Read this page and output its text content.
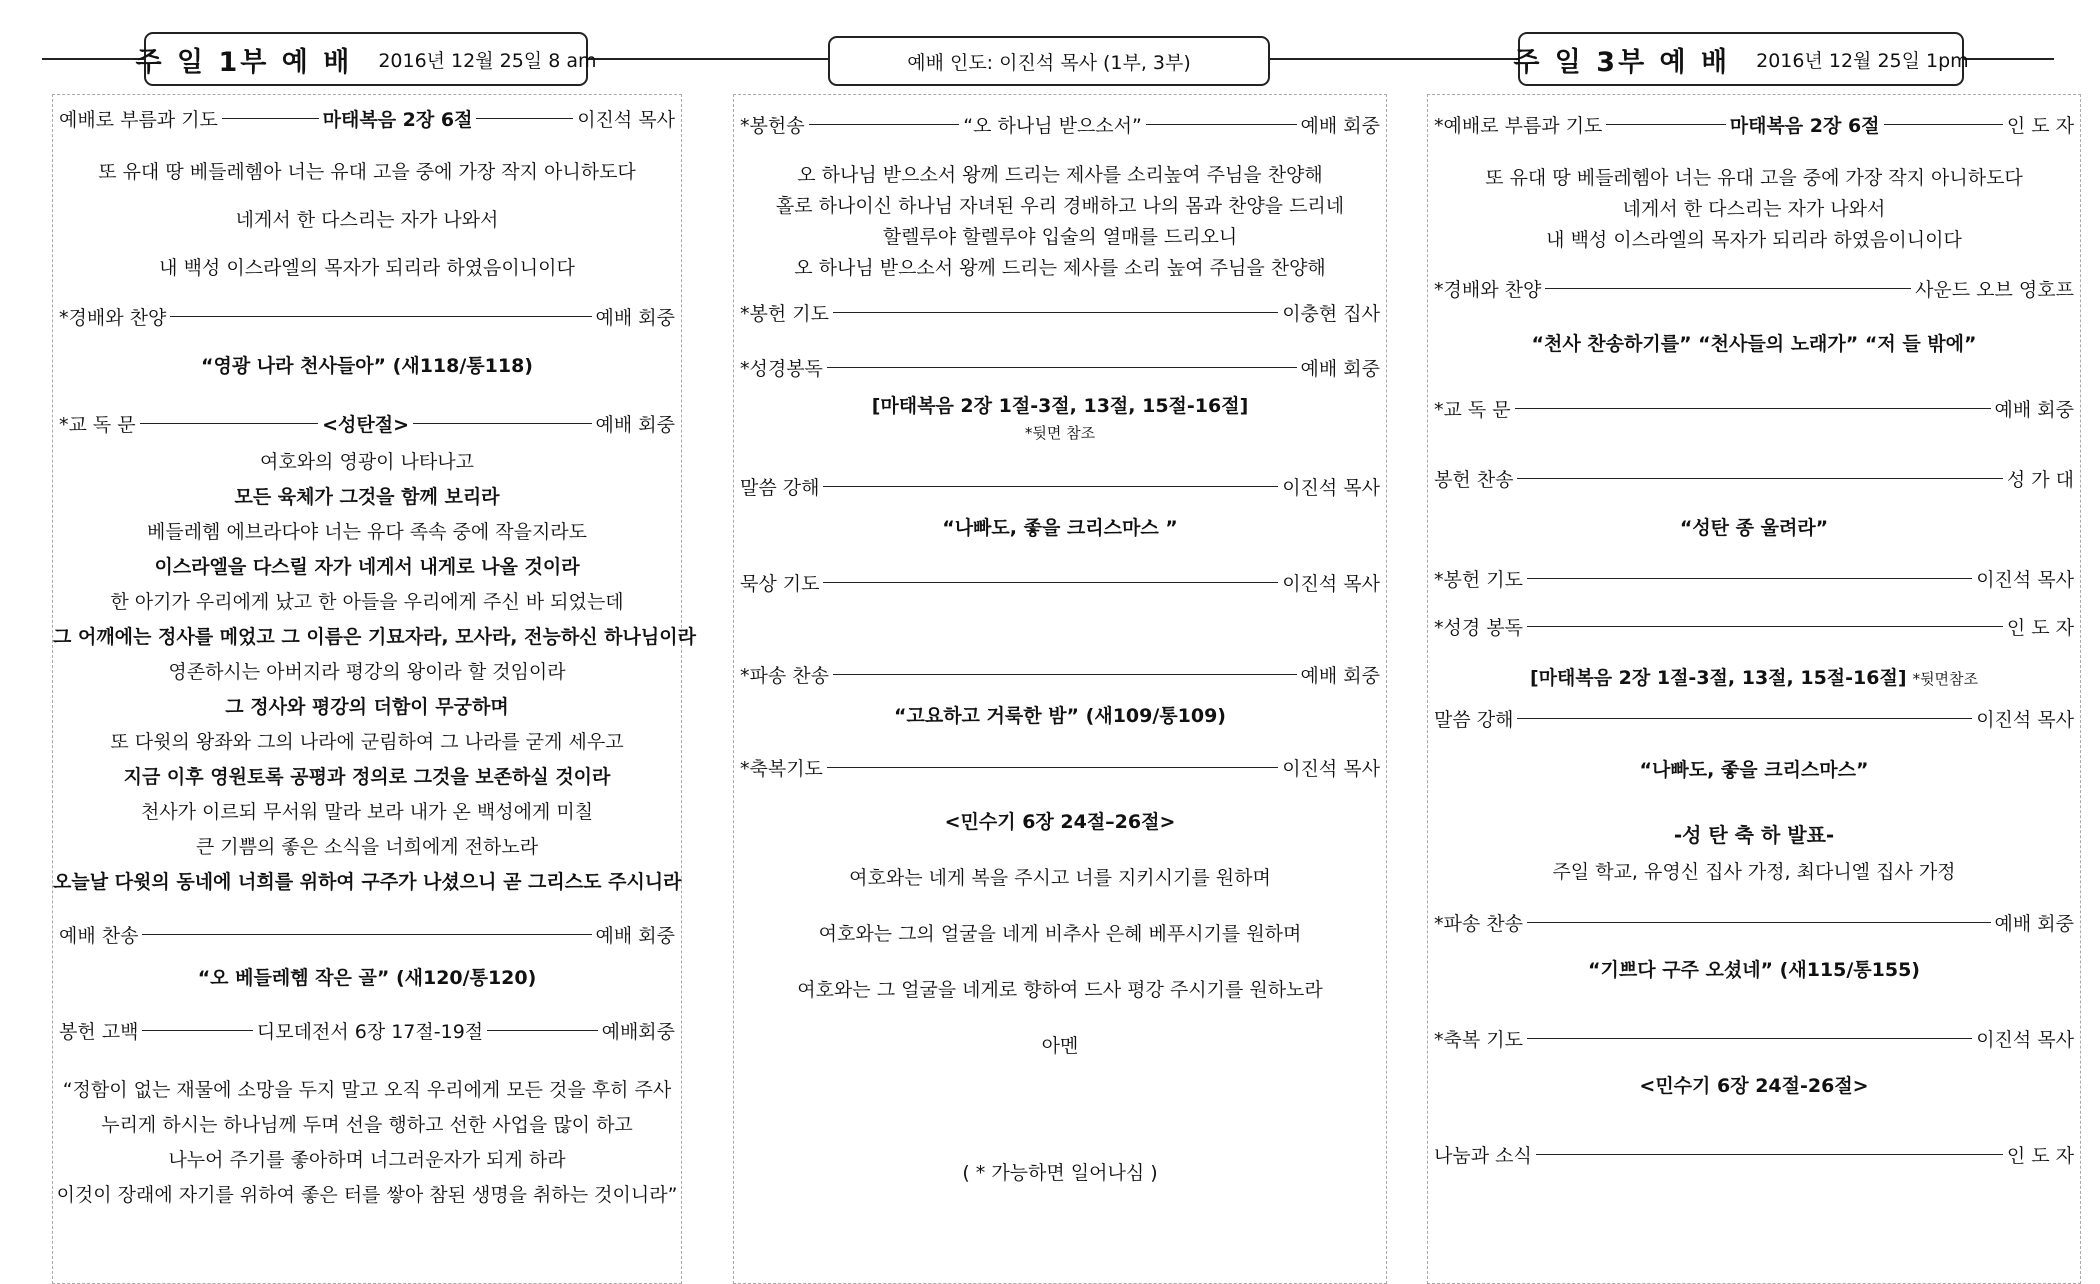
주 일 1부 예 배 2016년 12월 25일 8 am	예배 인도: 이진석 목사 (1부, 3부)	주 일 3부 예 배 2016년 12월 25일 1pm
예배로 부름과 기도	마태복음 2장 6절	이진석 목사
또 유대 땅 베들레헴아 너는 유대 고을 중에 가장 작지 아니하도다
네게서 한 다스리는 자가 나와서
내 백성 이스라엘의 목자가 되리라 하였음이니이다
*경배와 찬양	예배 회중
“영광 나라 천사들아” (새118/통118)
*교 독 문	<성탄절>	예배 회중
여호와의 영광이 나타나고
모든 육체가 그것을 함께 보리라
베들레헴 에브라다야 너는 유다 족속 중에 작을지라도
이스라엘을 다스릴 자가 네게서 내게로 나올 것이라
한 아기가 우리에게 났고 한 아들을 우리에게 주신 바 되었는데
그 어깨에는 정사를 메었고 그 이름은 기묘자라, 모사라, 전능하신 하나님이라
영존하시는 아버지라 평강의 왕이라 할 것임이라
그 정사와 평강의 더함이 무궁하며
또 다윗의 왕좌와 그의 나라에 군림하여 그 나라를 굳게 세우고
지금 이후 영원토록 공평과 정의로 그것을 보존하실 것이라
천사가 이르되 무서워 말라 보라 내가 온 백성에게 미칠
큰 기쁨의 좋은 소식을 너희에게 전하노라
오늘날 다윗의 동네에 너희를 위하여 구주가 나셨으니 곧 그리스도 주시니라
예배 찬송	예배 회중
“오 베들레헴 작은 골” (새120/통120)
봉헌 고백	디모데전서 6장 17절-19절	예배회중
“정함이 없는 재물에 소망을 두지 말고 오직 우리에게 모든 것을 후히 주사
누리게 하시는 하나님께 두며 선을 행하고 선한 사업을 많이 하고
나누어 주기를 좋아하며 너그러운자가 되게 하라
이것이 장래에 자기를 위하여 좋은 터를 쌓아 참된 생명을 취하는 것이니라”
*봉헌송	“오 하나님 받으소서”	예배 회중
오 하나님 받으소서 왕께 드리는 제사를 소리높여 주님을 찬양해
홀로 하나이신 하나님 자녀된 우리 경배하고 나의 몸과 찬양을 드리네
할렐루야 할렐루야 입술의 열매를 드리오니
오 하나님 받으소서 왕께 드리는 제사를 소리 높여 주님을 찬양해
*봉헌 기도	이충현 집사
*성경봉독	예배 회중
[마태복음 2장 1절-3절, 13절, 15절-16절]
*뒷면 참조
말씀 강해	이진석 목사
“나빠도, 좋을 크리스마스 ”
묵상 기도	이진석 목사
*파송 찬송	예배 회중
“고요하고 거룩한 밤” (새109/통109)
*축복기도	이진석 목사
<민수기 6장 24절–26절>
여호와는 네게 복을 주시고 너를 지키시기를 원하며
여호와는 그의 얼굴을 네게 비추사 은혜 베푸시기를 원하며
여호와는 그 얼굴을 네게로 향하여 드사 평강 주시기를 원하노라
아멘
( * 가능하면 일어나심 )
*예배로 부름과 기도	마태복음 2장 6절	인 도 자
또 유대 땅 베들레헴아 너는 유대 고을 중에 가장 작지 아니하도다
네게서 한 다스리는 자가 나와서
내 백성 이스라엘의 목자가 되리라 하였음이니이다
*경배와 찬양	사운드 오브 영호프
“천사 찬송하기를” “천사들의 노래가” “저 들 밖에”
*교 독 문	예배 회중
봉헌 찬송	성 가 대
“성탄 종 울려라”
*봉헌 기도	이진석 목사
*성경 봉독	인 도 자
[마태복음 2장 1절-3절, 13절, 15절-16절] *뒷면참조
말씀 강해	이진석 목사
“나빠도, 좋을 크리스마스”
-성 탄 축 하 발표-
주일 학교, 유영신 집사 가정, 최다니엘 집사 가정
*파송 찬송	예배 회중
“기쁘다 구주 오셨네” (새115/통155)
*축복 기도	이진석 목사
<민수기 6장 24절-26절>
나눔과 소식	인 도 자
